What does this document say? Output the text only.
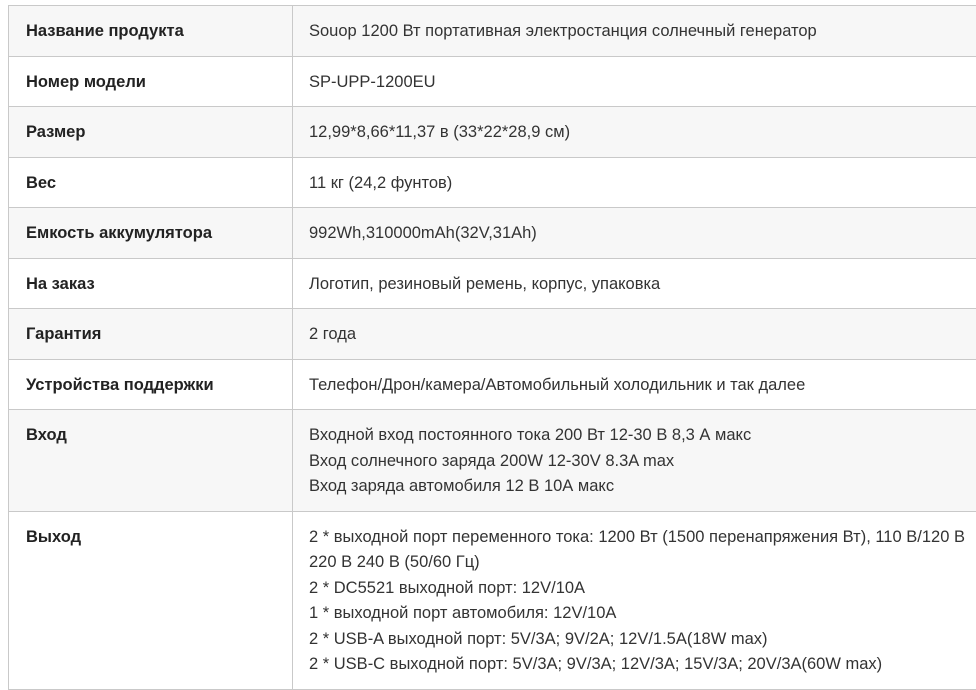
Название продукта	Souop 1200 Вт портативная электростанция солнечный генератор

Номер модели	SP-UPP-1200EU

Размер	12,99*8,66*11,37 в (33*22*28,9 см)

Вес	11 кг (24,2 фунтов)

Емкость аккумулятора	992Wh,310000mAh(32V,31Ah)

На заказ	Логотип, резиновый ремень, корпус, упаковка

Гарантия	2 года

Устройства поддержки	Телефон/Дрон/камера/Автомобильный холодильник и так далее

Вход	Входной вход постоянного тока 200 Вт 12-30 В 8,3 А макс
Вход солнечного заряда 200W 12-30V 8.3A max
Вход заряда автомобиля 12 В 10А макс

Выход	2 * выходной порт переменного тока: 1200 Вт (1500 перенапряжения Вт), 110 В/120 В 220 В 240 В (50/60 Гц)
2 * DC5521 выходной порт: 12V/10A
1 * выходной порт автомобиля: 12V/10A
2 * USB-A выходной порт: 5V/3A; 9V/2A; 12V/1.5A(18W max)
2 * USB-C выходной порт: 5V/3A; 9V/3A; 12V/3A; 15V/3A; 20V/3A(60W max)
